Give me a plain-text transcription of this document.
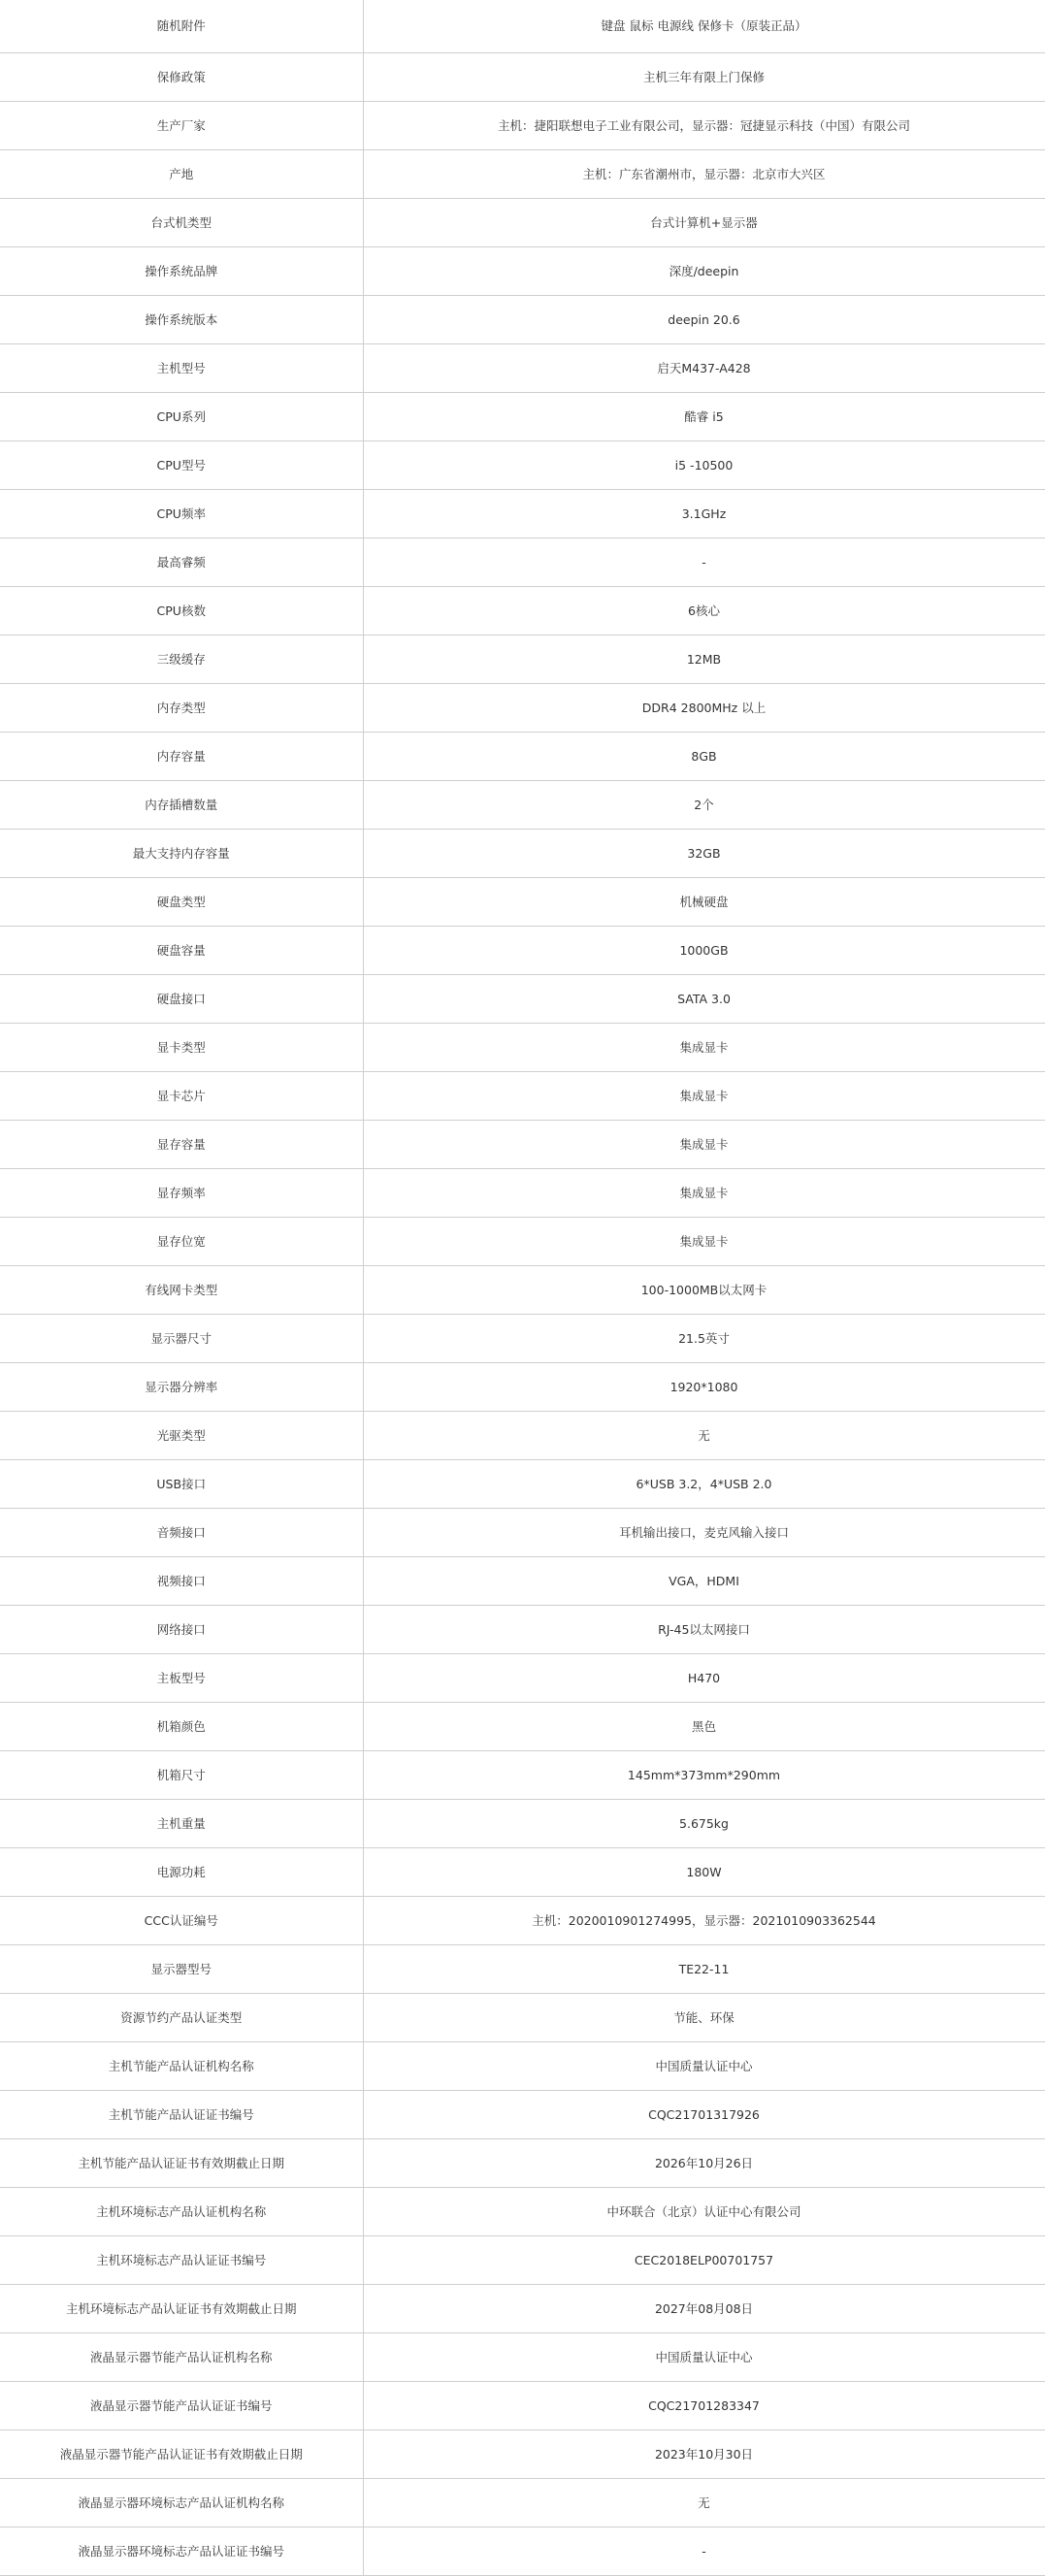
随机附件	键盘 鼠标 电源线 保修卡（原装正品）
保修政策	主机三年有限上门保修
生产厂家	主机：捷阳联想电子工业有限公司，显示器：冠捷显示科技（中国）有限公司
产地	主机：广东省潮州市，显示器：北京市大兴区
台式机类型	台式计算机+显示器
操作系统品牌	深度/deepin
操作系统版本	deepin 20.6
主机型号	启天M437-A428
CPU系列	酷睿 i5
CPU型号	i5 -10500
CPU频率	3.1GHz
最高睿频	-
CPU核数	6核心
三级缓存	12MB
内存类型	DDR4 2800MHz 以上
内存容量	8GB
内存插槽数量	2个
最大支持内存容量	32GB
硬盘类型	机械硬盘
硬盘容量	1000GB
硬盘接口	SATA 3.0
显卡类型	集成显卡
显卡芯片	集成显卡
显存容量	集成显卡
显存频率	集成显卡
显存位宽	集成显卡
有线网卡类型	100-1000MB以太网卡
显示器尺寸	21.5英寸
显示器分辨率	1920*1080
光驱类型	无
USB接口	6*USB 3.2，4*USB 2.0
音频接口	耳机输出接口，麦克风输入接口
视频接口	VGA，HDMI
网络接口	RJ-45以太网接口
主板型号	H470
机箱颜色	黑色
机箱尺寸	145mm*373mm*290mm
主机重量	5.675kg
电源功耗	180W
CCC认证编号	主机：2020010901274995，显示器：2021010903362544
显示器型号	TE22-11
资源节约产品认证类型	节能、环保
主机节能产品认证机构名称	中国质量认证中心
主机节能产品认证证书编号	CQC21701317926
主机节能产品认证证书有效期截止日期	2026年10月26日
主机环境标志产品认证机构名称	中环联合（北京）认证中心有限公司
主机环境标志产品认证证书编号	CEC2018ELP00701757
主机环境标志产品认证证书有效期截止日期	2027年08月08日
液晶显示器节能产品认证机构名称	中国质量认证中心
液晶显示器节能产品认证证书编号	CQC21701283347
液晶显示器节能产品认证证书有效期截止日期	2023年10月30日
液晶显示器环境标志产品认证机构名称	无
液晶显示器环境标志产品认证证书编号	-
